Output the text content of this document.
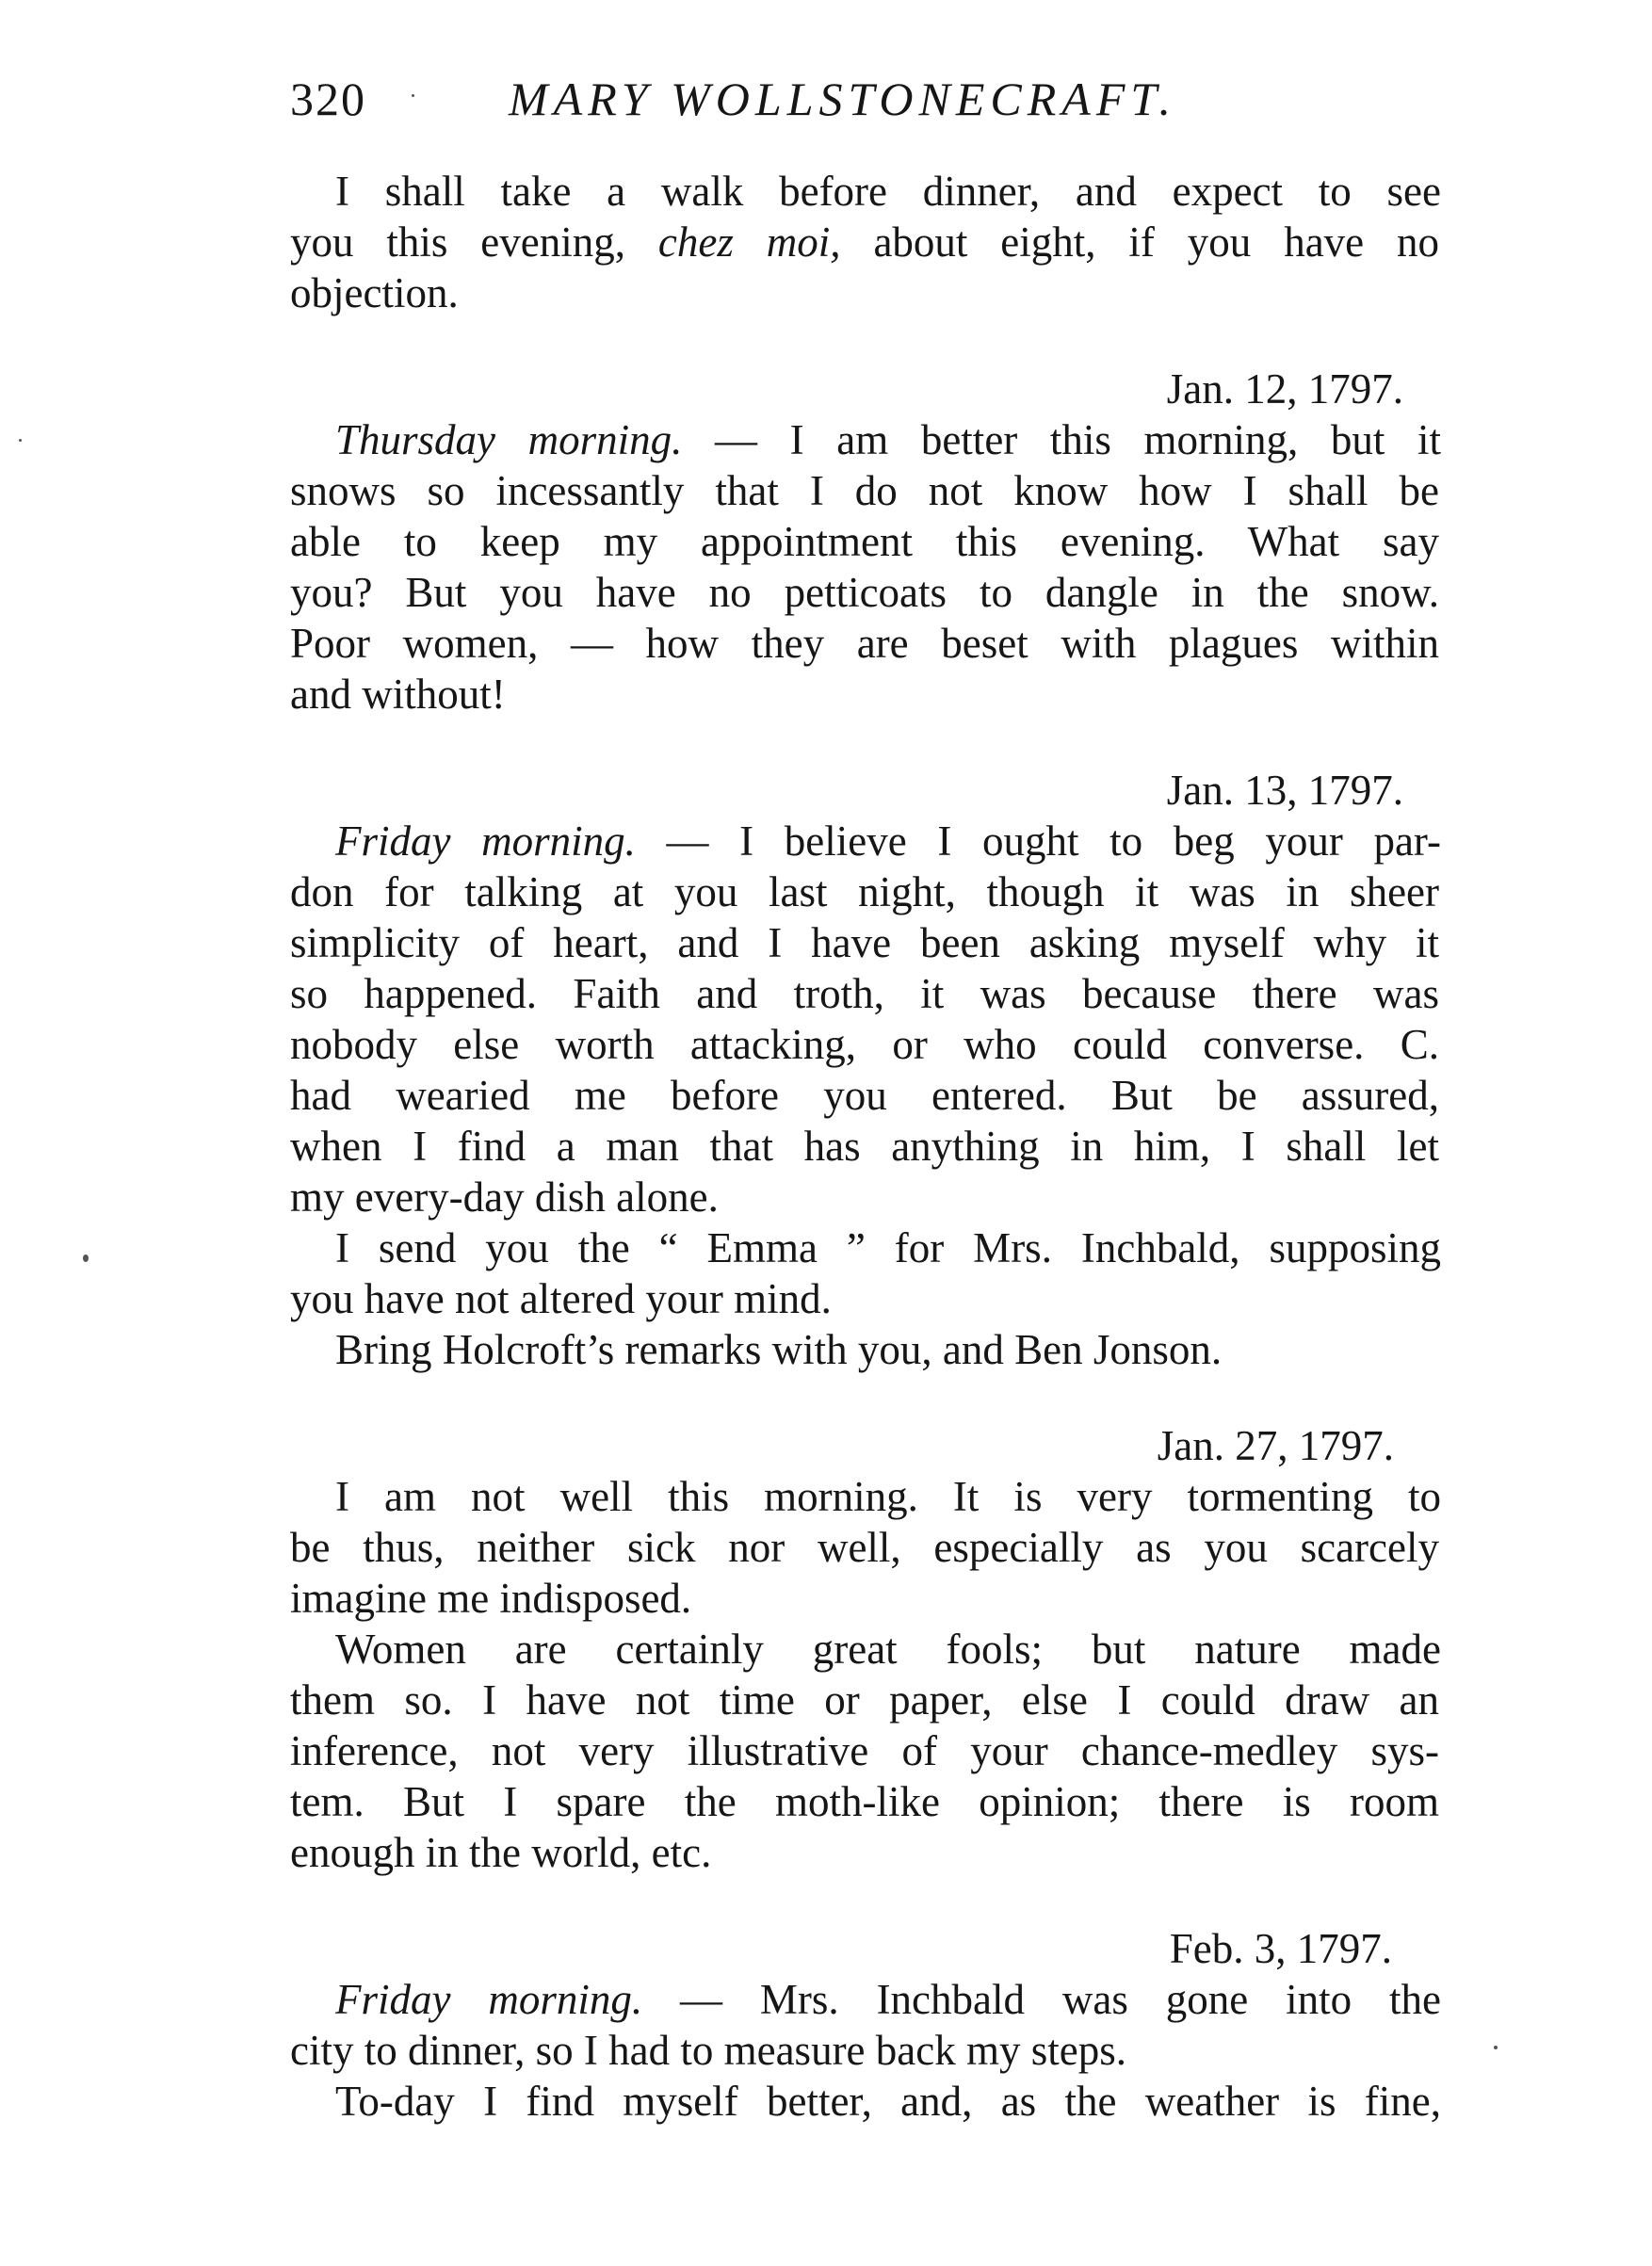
320	MARY WOLLSTONECRAFT.
I shall take a walk before dinner, and expect to see
you this evening, chez moi, about eight, if you have no
objection.
Jan. 12, 1797.
Thursday morning. — I am better this morning, but it
snows so incessantly that I do not know how I shall be
able to keep my appointment this evening. What say
you? But you have no petticoats to dangle in the snow.
Poor women, — how they are beset with plagues within
and without!
Jan. 13, 1797.
Friday morning. — I believe I ought to beg your par-
don for talking at you last night, though it was in sheer
simplicity of heart, and I have been asking myself why it
so happened. Faith and troth, it was because there was
nobody else worth attacking, or who could converse. C.
had wearied me before you entered. But be assured,
when I find a man that has anything in him, I shall let
my every-day dish alone.
I send you the “ Emma ” for Mrs. Inchbald, supposing
you have not altered your mind.
Bring Holcroft’s remarks with you, and Ben Jonson.
Jan. 27, 1797.
I am not well this morning. It is very tormenting to
be thus, neither sick nor well, especially as you scarcely
imagine me indisposed.
Women are certainly great fools; but nature made
them so. I have not time or paper, else I could draw an
inference, not very illustrative of your chance-medley sys-
tem. But I spare the moth-like opinion; there is room
enough in the world, etc.
Feb. 3, 1797.
Friday morning. — Mrs. Inchbald was gone into the
city to dinner, so I had to measure back my steps.
To-day I find myself better, and, as the weather is fine,
